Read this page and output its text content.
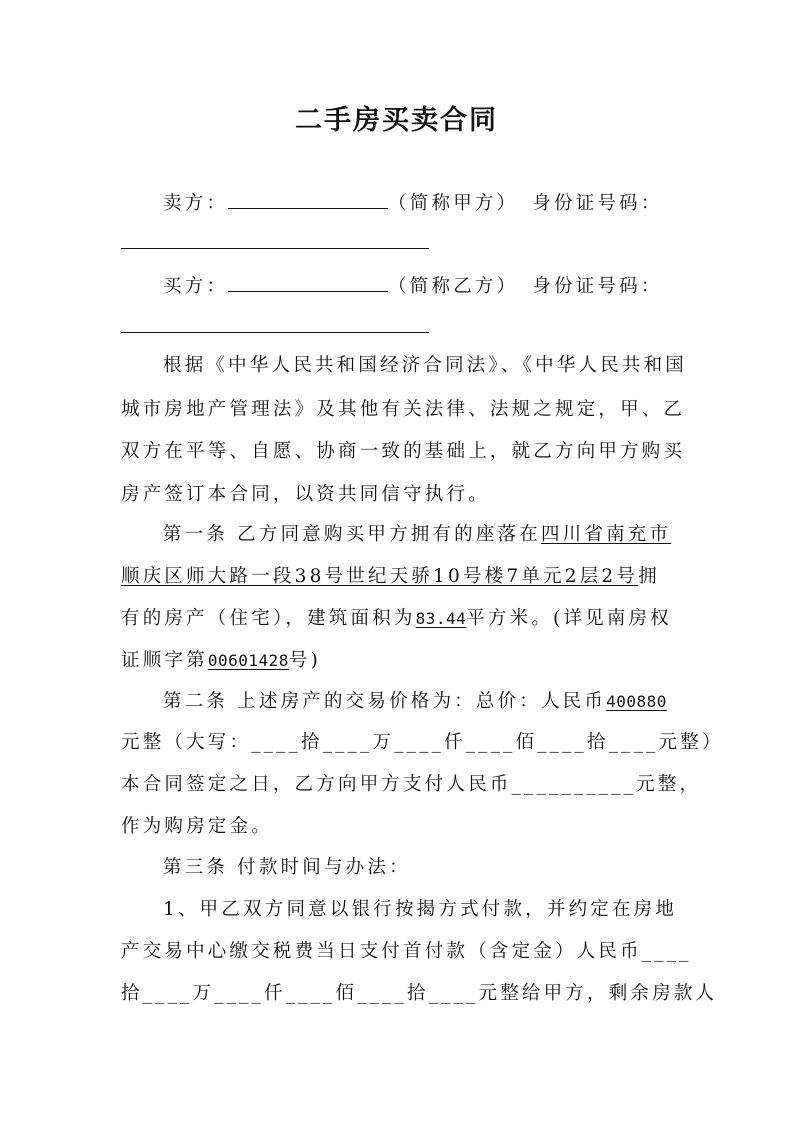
二手房买卖合同
卖方：	（简称甲方） 身份证号码：
买方：	（简称乙方） 身份证号码：
根据《中华人民共和国经济合同法》、《中华人民共和国
城市房地产管理法》及其他有关法律、法规之规定，甲、乙
双方在平等、自愿、协商一致的基础上，就乙方向甲方购买
房产签订本合同，以资共同信守执行。
第一条 乙方同意购买甲方拥有的座落在四川省南充市
顺庆区师大路一段38号世纪天骄10号楼7单元2层2号拥
有的房产（住宅），建筑面积为83.44平方米。(详见南房权
证顺字第00601428号)
第二条 上述房产的交易价格为：总价：人民币400880
元整（大写：____拾____万____仟____佰____拾____元整）
本合同签定之日，乙方向甲方支付人民币__________元整，
作为购房定金。
第三条 付款时间与办法：
1、甲乙双方同意以银行按揭方式付款，并约定在房地
产交易中心缴交税费当日支付首付款（含定金）人民币____
拾____万____仟____佰____拾____元整给甲方，剩余房款人
